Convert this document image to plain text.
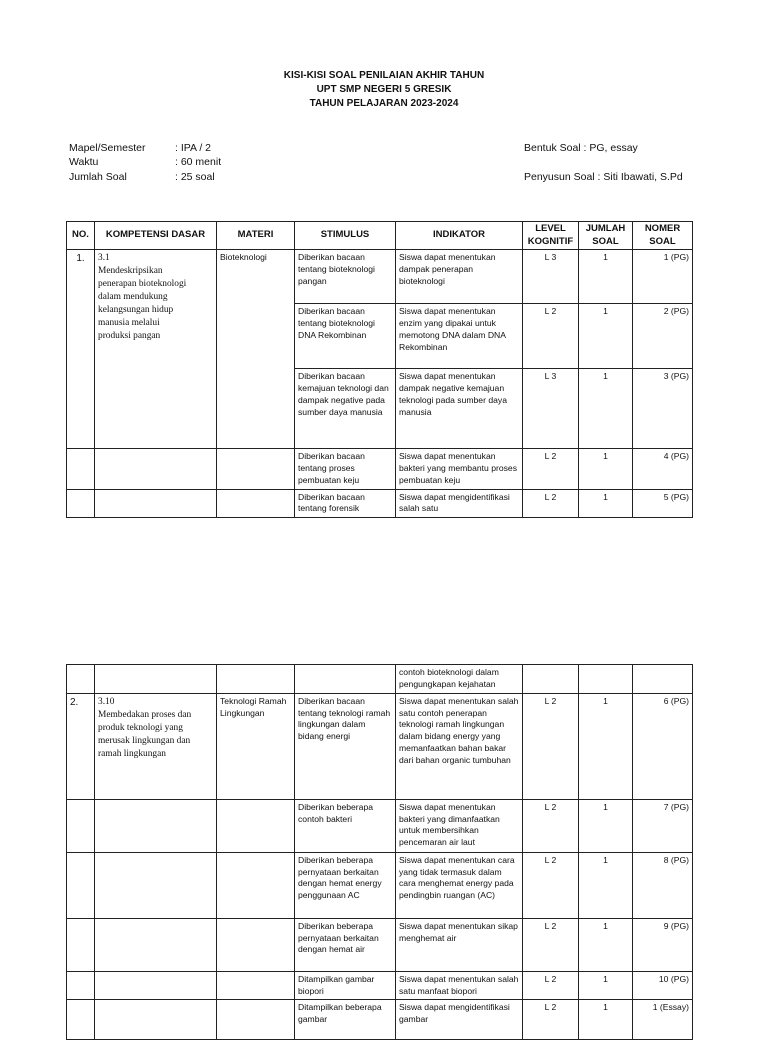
KISI-KISI SOAL PENILAIAN AKHIR TAHUN
UPT SMP NEGERI 5 GRESIK
TAHUN PELAJARAN 2023-2024
Mapel/Semester	: IPA / 2
Waktu	: 60 menit
Jumlah Soal	: 25 soal
Bentuk Soal : PG, essay
Penyusun Soal : Siti Ibawati, S.Pd
NO.	KOMPETENSI DASAR	MATERI	STIMULUS	INDIKATOR	LEVEL KOGNITIF	JUMLAH SOAL	NOMER SOAL
1.	3.1Mendeskripsikan penerapan bioteknologi dalam mendukung kelangsungan hidup manusia melalui produksi pangan	Bioteknologi	Diberikan bacaan tentang bioteknologi pangan	Siswa dapat menentukan dampak penerapan bioteknologi	L 3	1	1 (PG)
			Diberikan bacaan tentang bioteknologi DNA Rekombinan	Siswa dapat menentukan enzim yang dipakai untuk memotong DNA dalam DNA Rekombinan	L 2	1	2 (PG)
			Diberikan bacaan kemajuan teknologi dan dampak negative pada sumber daya manusia	Siswa dapat menentukan dampak negative kemajuan teknologi pada sumber daya manusia	L 3	1	3 (PG)
			Diberikan bacaan tentang proses pembuatan keju	Siswa dapat menentukan bakteri yang membantu proses pembuatan keju	L 2	1	4 (PG)
			Diberikan bacaan tentang forensik	Siswa dapat mengidentifikasi salah satu	L 2	1	5 (PG)
				contoh bioteknologi dalam pengungkapan kejahatan			
2.	3.10Membedakan proses dan produk teknologi yang merusak lingkungan dan ramah lingkungan	Teknologi Ramah Lingkungan	Diberikan bacaan tentang teknologi ramah lingkungan dalam bidang energi	Siswa dapat menentukan salah satu contoh penerapan teknologi ramah lingkungan dalam bidang energy yang memanfaatkan bahan bakar dari bahan organic tumbuhan	L 2	1	6 (PG)
			Diberikan beberapa contoh bakteri	Siswa dapat menentukan bakteri yang dimanfaatkan untuk membersihkan pencemaran air laut	L 2	1	7 (PG)
			Diberikan beberapa pernyataan berkaitan dengan hemat energy penggunaan AC	Siswa dapat menentukan cara yang tidak termasuk dalam cara menghemat energy pada pendingbin ruangan (AC)	L 2	1	8 (PG)
			Diberikan beberapa pernyataan berkaitan dengan hemat air	Siswa dapat menentukan sikap menghemat air	L 2	1	9 (PG)
			Ditampilkan gambar biopori	Siswa dapat menentukan salah satu manfaat biopori	L 2	1	10 (PG)
			Ditampilkan beberapa gambar	Siswa dapat mengidentifikasi gambar	L 2	1	1 (Essay)
